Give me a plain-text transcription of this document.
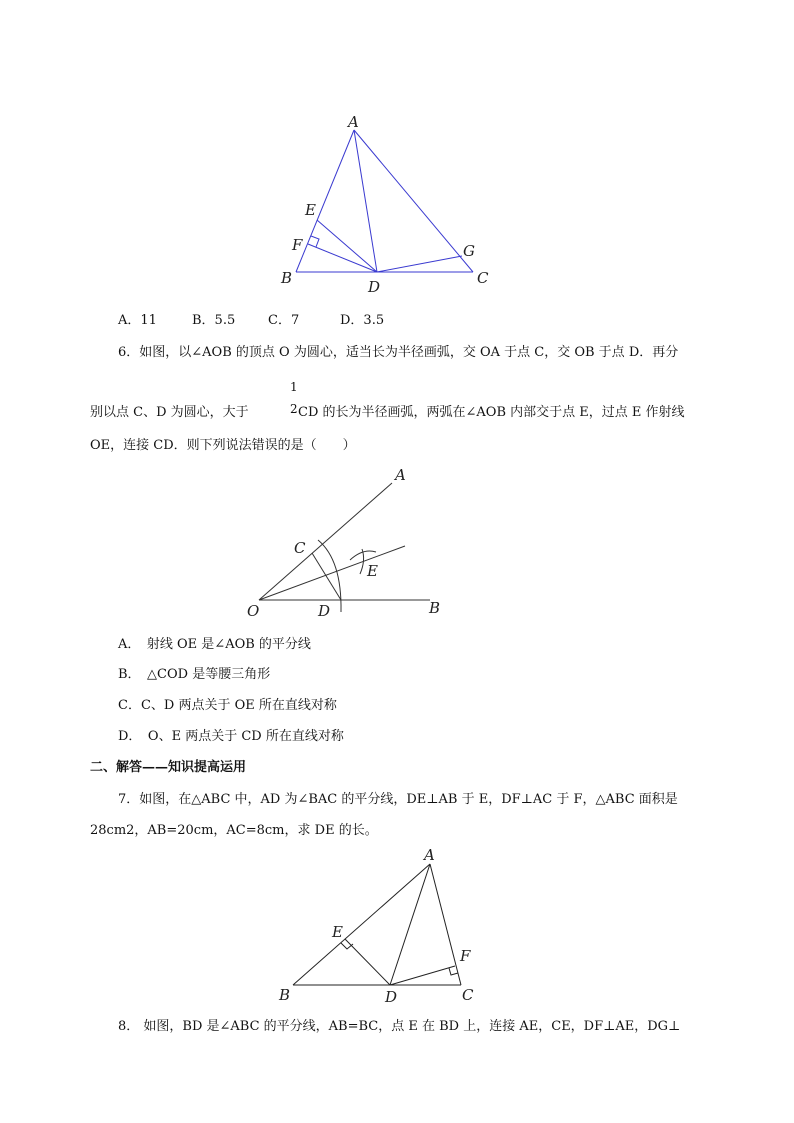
A
E
F	G
B	D	C
A．11	B．5.5	C．7	D．3.5
6．如图，以∠AOB 的顶点 O 为圆心，适当长为半径画弧，交 OA 于点 C，交 OB 于点 D．再分
别以点 C、D 为圆心，大于
1
2 CD 的长为半径画弧，两弧在∠AOB 内部交于点 E，过点 E 作射线
OE，连接 CD．则下列说法错误的是（　　）
C
A
E
O	D	B
A．　射线 OE 是∠AOB 的平分线
B．　△COD 是等腰三角形
C．C、D 两点关于 OE 所在直线对称
D．　O、E 两点关于 CD 所在直线对称
二、解答——知识提高运用
7．如图，在△ABC 中，AD 为∠BAC 的平分线，DE⊥AB 于 E，DF⊥AC 于 F，△ABC 面积是
28cm2，AB=20cm，AC=8cm，求 DE 的长。
A
E
F
B	D	C
8． 如图，BD 是∠ABC 的平分线，AB=BC，点 E 在 BD 上，连接 AE，CE，DF⊥AE，DG⊥
